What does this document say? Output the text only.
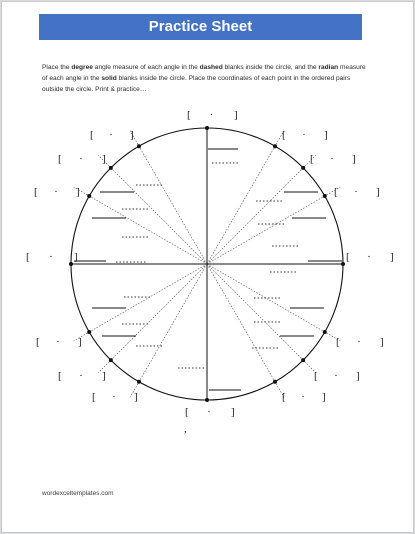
Practice Sheet

Place the degree angle measure of each angle in the dashed blanks inside the circle, and the radian measure of each angle in the solid blanks inside the circle. Place the coordinates of each point in the ordered pairs outside the circle. Print & practice…

[ · ]
[ · ]	[ · ]
[ · ]	[ · ]
[ · ]	[ · ]
[ · ]	[ · ]
[ · ]	[ · ]
[ · ]	[ · ]
[ · ]	[ · ]
[ · ]
,
wordexceltemplates.com
